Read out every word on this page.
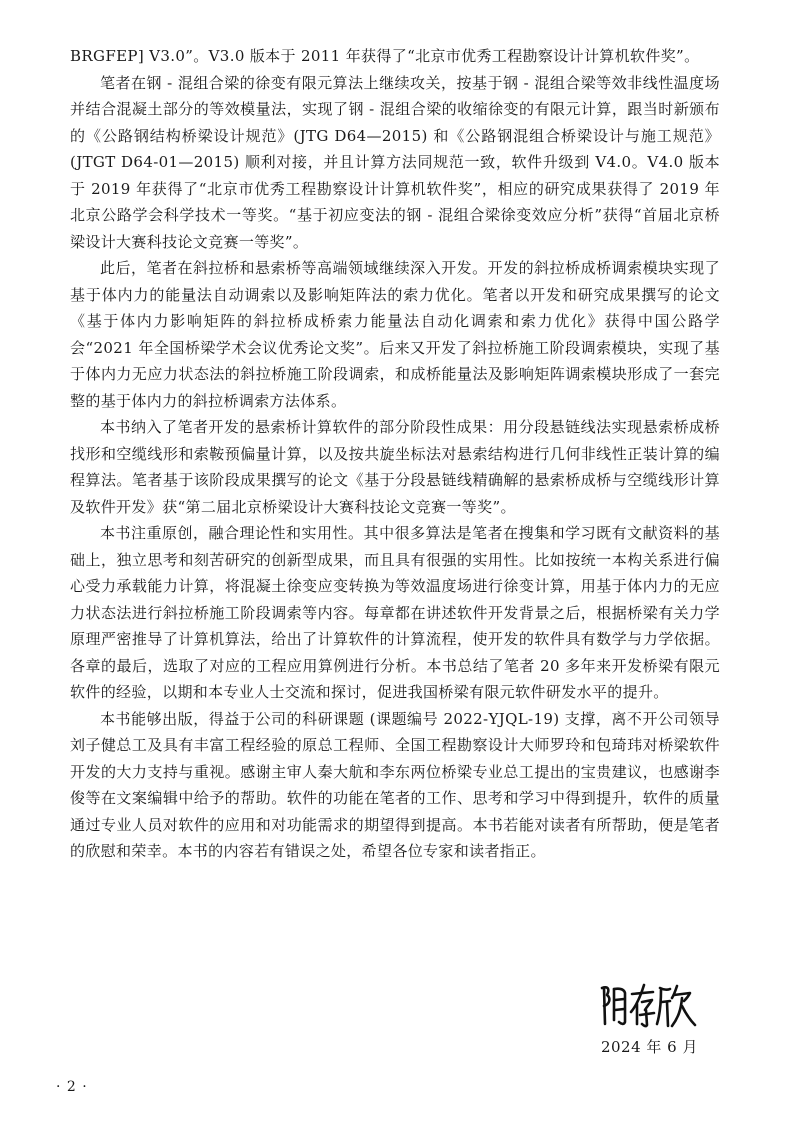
BRGFEP] V3.0”。V3.0 版本于 2011 年获得了“北京市优秀工程勘察设计计算机软件奖”。

笔者在钢 - 混组合梁的徐变有限元算法上继续攻关，按基于钢 - 混组合梁等效非线性温度场并结合混凝土部分的等效模量法，实现了钢 - 混组合梁的收缩徐变的有限元计算，跟当时新颁布的《公路钢结构桥梁设计规范》(JTG D64—2015) 和《公路钢混组合桥梁设计与施工规范》(JTGT D64-01—2015) 顺利对接，并且计算方法同规范一致，软件升级到 V4.0。V4.0 版本于 2019 年获得了“北京市优秀工程勘察设计计算机软件奖”，相应的研究成果获得了 2019 年北京公路学会科学技术一等奖。“基于初应变法的钢 - 混组合梁徐变效应分析”获得“首届北京桥梁设计大赛科技论文竞赛一等奖”。

此后，笔者在斜拉桥和悬索桥等高端领域继续深入开发。开发的斜拉桥成桥调索模块实现了基于体内力的能量法自动调索以及影响矩阵法的索力优化。笔者以开发和研究成果撰写的论文《基于体内力影响矩阵的斜拉桥成桥索力能量法自动化调索和索力优化》获得中国公路学会“2021 年全国桥梁学术会议优秀论文奖”。后来又开发了斜拉桥施工阶段调索模块，实现了基于体内力无应力状态法的斜拉桥施工阶段调索，和成桥能量法及影响矩阵调索模块形成了一套完整的基于体内力的斜拉桥调索方法体系。

本书纳入了笔者开发的悬索桥计算软件的部分阶段性成果：用分段悬链线法实现悬索桥成桥找形和空缆线形和索鞍预偏量计算，以及按共旋坐标法对悬索结构进行几何非线性正装计算的编程算法。笔者基于该阶段成果撰写的论文《基于分段悬链线精确解的悬索桥成桥与空缆线形计算及软件开发》获“第二届北京桥梁设计大赛科技论文竞赛一等奖”。

本书注重原创，融合理论性和实用性。其中很多算法是笔者在搜集和学习既有文献资料的基础上，独立思考和刻苦研究的创新型成果，而且具有很强的实用性。比如按统一本构关系进行偏心受力承载能力计算，将混凝土徐变应变转换为等效温度场进行徐变计算，用基于体内力的无应力状态法进行斜拉桥施工阶段调索等内容。每章都在讲述软件开发背景之后，根据桥梁有关力学原理严密推导了计算机算法，给出了计算软件的计算流程，使开发的软件具有数学与力学依据。各章的最后，选取了对应的工程应用算例进行分析。本书总结了笔者 20 多年来开发桥梁有限元软件的经验，以期和本专业人士交流和探讨，促进我国桥梁有限元软件研发水平的提升。

本书能够出版，得益于公司的科研课题 (课题编号 2022-YJQL-19) 支撑，离不开公司领导刘子健总工及具有丰富工程经验的原总工程师、全国工程勘察设计大师罗玲和包琦玮对桥梁软件开发的大力支持与重视。感谢主审人秦大航和李东两位桥梁专业总工提出的宝贵建议，也感谢李俊等在文案编辑中给予的帮助。软件的功能在笔者的工作、思考和学习中得到提升，软件的质量通过专业人员对软件的应用和对功能需求的期望得到提高。本书若能对读者有所帮助，便是笔者的欣慰和荣幸。本书的内容若有错误之处，希望各位专家和读者指正。

2024 年 6 月
· 2 ·
